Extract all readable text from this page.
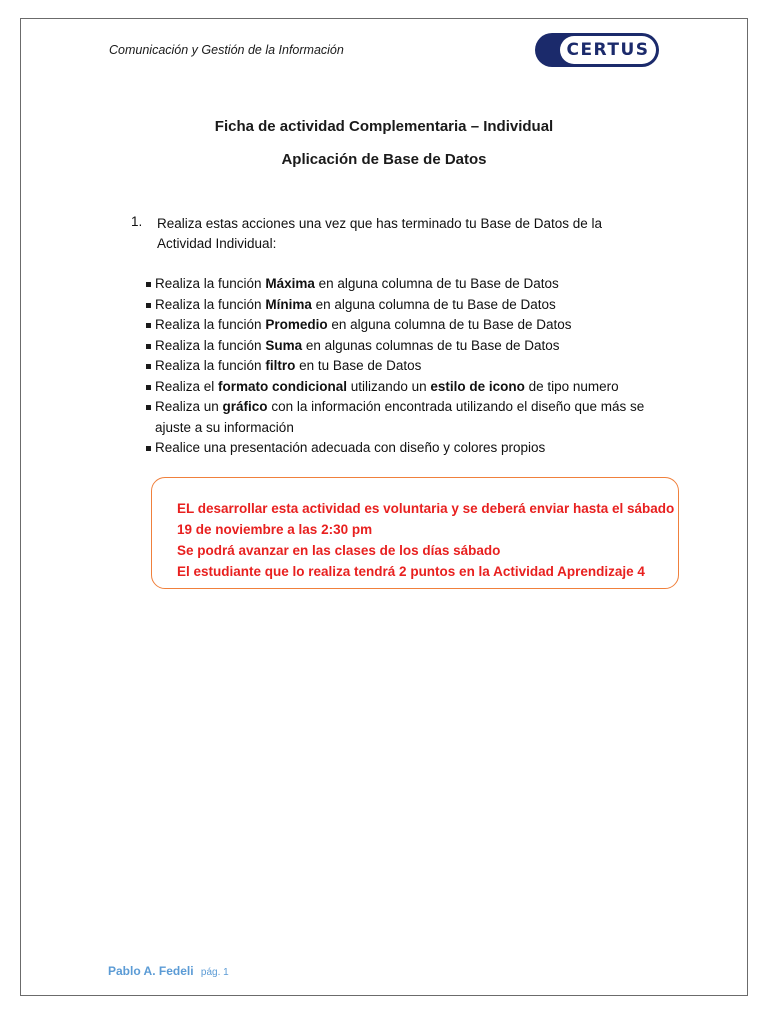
Comunicación y Gestión de la Información	CERTUS
Ficha de actividad Complementaria – Individual
Aplicación de Base de Datos
1. Realiza estas acciones una vez que has terminado tu Base de Datos de la Actividad Individual:
Realiza la función Máxima en alguna columna de tu Base de Datos
Realiza la función Mínima en alguna columna de tu Base de Datos
Realiza la función Promedio en alguna columna de tu Base de Datos
Realiza la función Suma en algunas columnas de tu Base de Datos
Realiza la función filtro en tu Base de Datos
Realiza el formato condicional utilizando un estilo de icono de tipo numero
Realiza un gráfico con la información encontrada utilizando el diseño que más se ajuste a su información
Realice una presentación adecuada con diseño y colores propios
EL desarrollar esta actividad es voluntaria y se deberá enviar hasta el sábado 19 de noviembre a las 2:30 pm
Se podrá avanzar en las clases de los días sábado
El estudiante que lo realiza tendrá 2 puntos en la Actividad Aprendizaje 4
Pablo A. Fedeli pág. 1
